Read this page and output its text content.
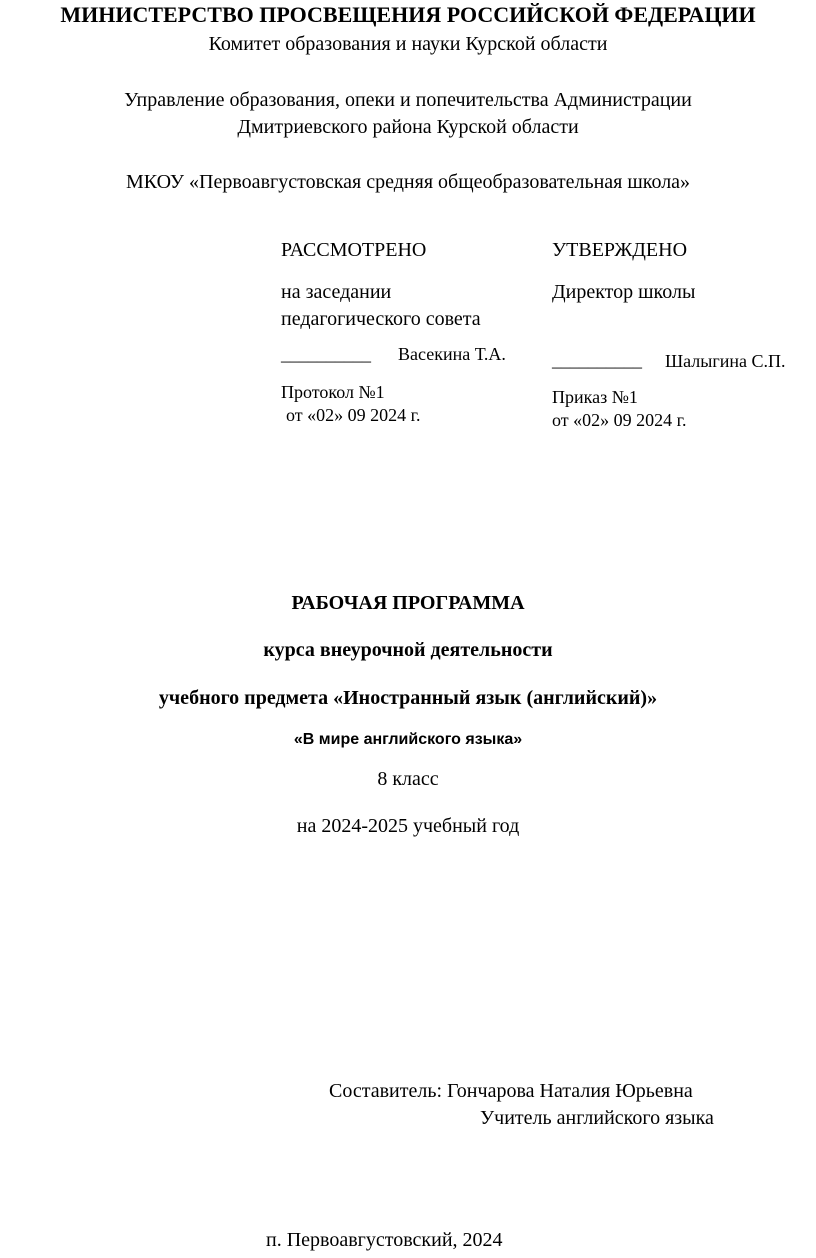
МИНИСТЕРСТВО ПРОСВЕЩЕНИЯ РОССИЙСКОЙ ФЕДЕРАЦИИ
Комитет образования и науки Курской области
Управление образования, опеки и попечительства Администрации
Дмитриевского района Курской области
МКОУ «Первоавгустовская средняя общеобразовательная школа»
РАССМОТРЕНО
на заседании
педагогического совета
__________ Васекина Т.А.
Протокол №1
от «02» 09 2024 г.
УТВЕРЖДЕНО
Директор школы
__________ Шалыгина С.П.
Приказ №1
от «02» 09 2024 г.
РАБОЧАЯ ПРОГРАММА
курса внеурочной деятельности
учебного предмета «Иностранный язык (английский)»
«В мире английского языка»
8 класс
на 2024-2025 учебный год
Составитель: Гончарова Наталия Юрьевна
Учитель английского языка
п. Первоавгустовский, 2024
